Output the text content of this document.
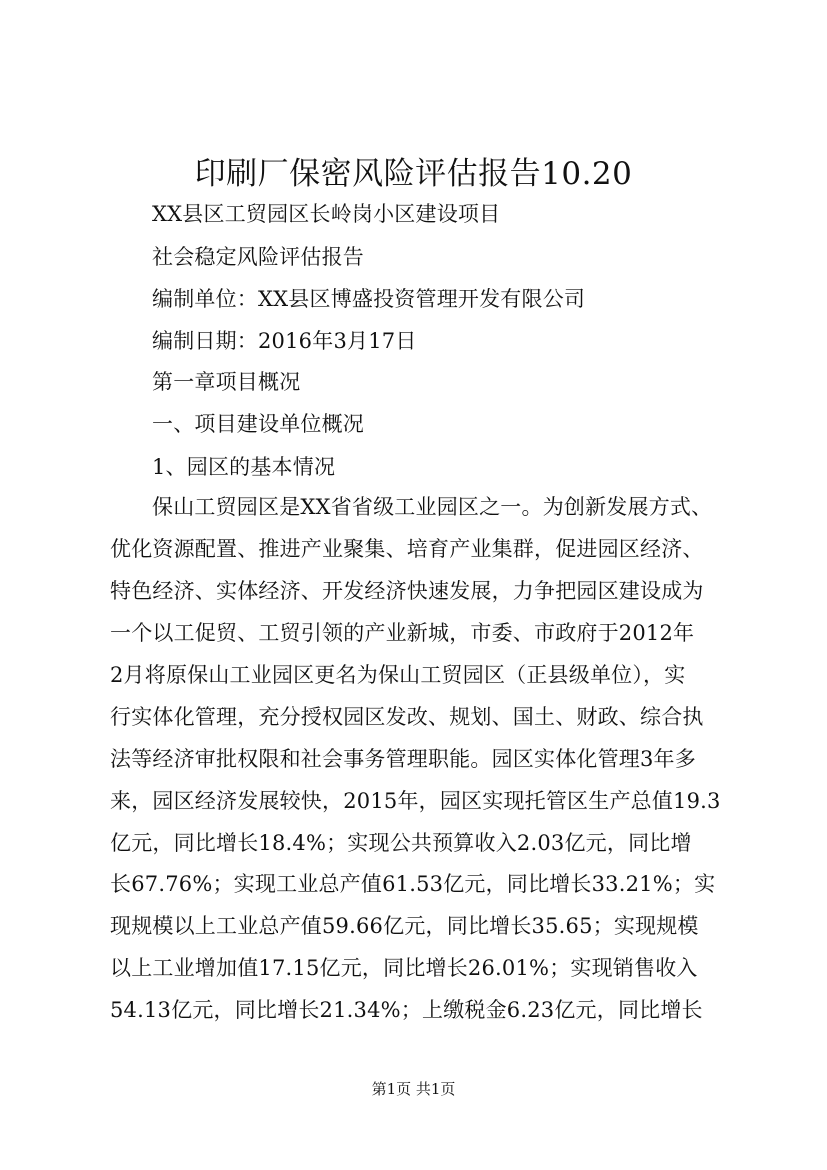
印刷厂保密风险评估报告10.20
XX县区工贸园区长岭岗小区建设项目
社会稳定风险评估报告
编制单位：XX县区博盛投资管理开发有限公司
编制日期：2016年3月17日
第一章项目概况
一、项目建设单位概况
1、园区的基本情况
保山工贸园区是XX省省级工业园区之一。为创新发展方式、
优化资源配置、推进产业聚集、培育产业集群，促进园区经济、
特色经济、实体经济、开发经济快速发展，力争把园区建设成为
一个以工促贸、工贸引领的产业新城，市委、市政府于2012年
2月将原保山工业园区更名为保山工贸园区（正县级单位），实
行实体化管理，充分授权园区发改、规划、国土、财政、综合执
法等经济审批权限和社会事务管理职能。园区实体化管理3年多
来，园区经济发展较快，2015年，园区实现托管区生产总值19.3
亿元，同比增长18.4%；实现公共预算收入2.03亿元，同比增
长67.76%；实现工业总产值61.53亿元，同比增长33.21%；实
现规模以上工业总产值59.66亿元，同比增长35.65；实现规模
以上工业增加值17.15亿元，同比增长26.01%；实现销售收入
54.13亿元，同比增长21.34%；上缴税金6.23亿元，同比增长
第1页 共1页
